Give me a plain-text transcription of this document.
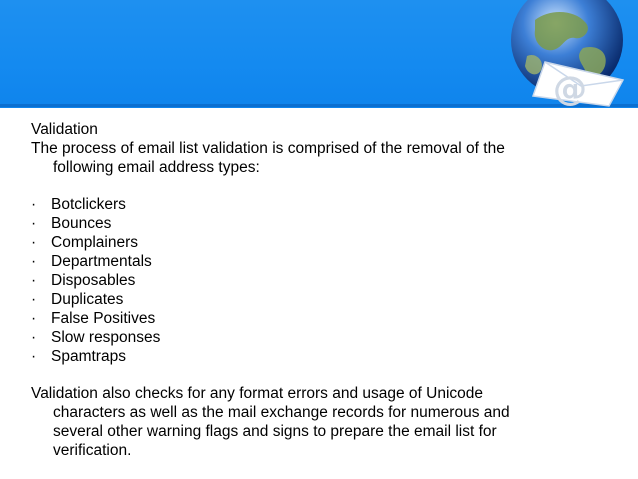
@

Validation

The process of email list validation is comprised of the removal of the

following email address types:

· Botclickers
· Bounces
· Complainers
· Departmentals
· Disposables
· Duplicates
· False Positives
· Slow responses
· Spamtraps

Validation also checks for any format errors and usage of Unicode

characters as well as the mail exchange records for numerous and

several other warning flags and signs to prepare the email list for

verification.
